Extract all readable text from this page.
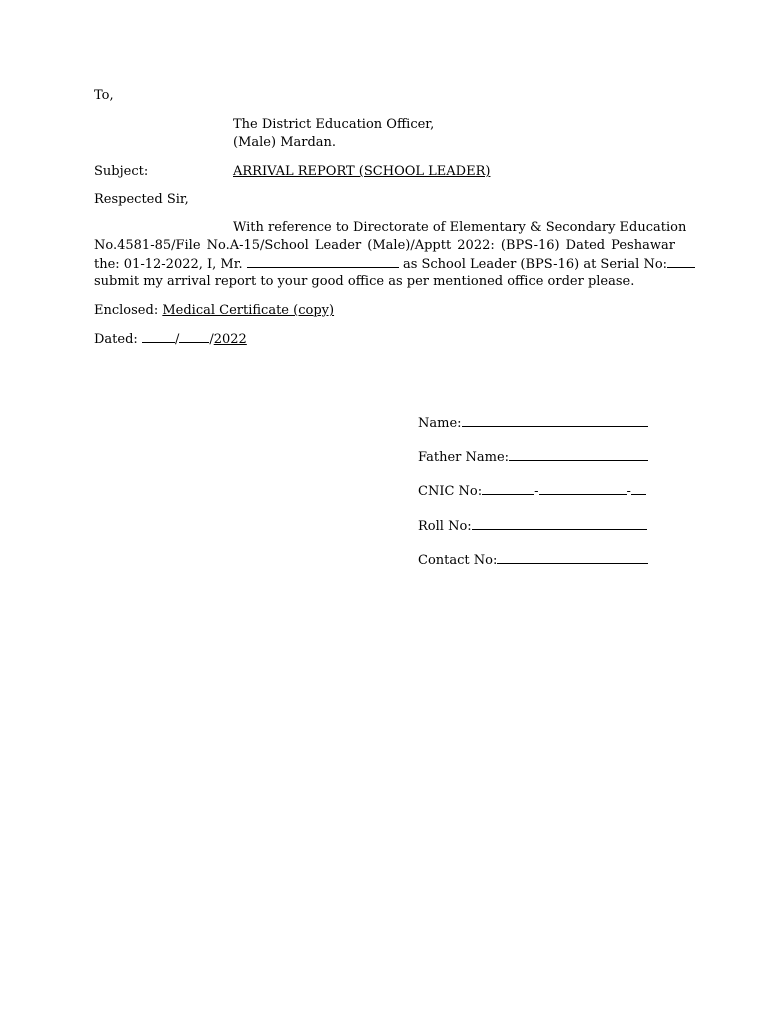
To,
The District Education Officer,
(Male) Mardan.
Subject:	ARRIVAL REPORT (SCHOOL LEADER)
Respected Sir,
With reference to Directorate of Elementary & Secondary Education
No.4581-85/File No.A-15/School Leader (Male)/Apptt 2022: (BPS-16) Dated Peshawar
the: 01-12-2022, I, Mr.	as School Leader (BPS-16) at Serial No:
submit my arrival report to your good office as per mentioned office order please.
Enclosed: Medical Certificate (copy)
Dated:	/ /2022
Name:
Father Name:
CNIC No:	-	-
Roll No:
Contact No:
